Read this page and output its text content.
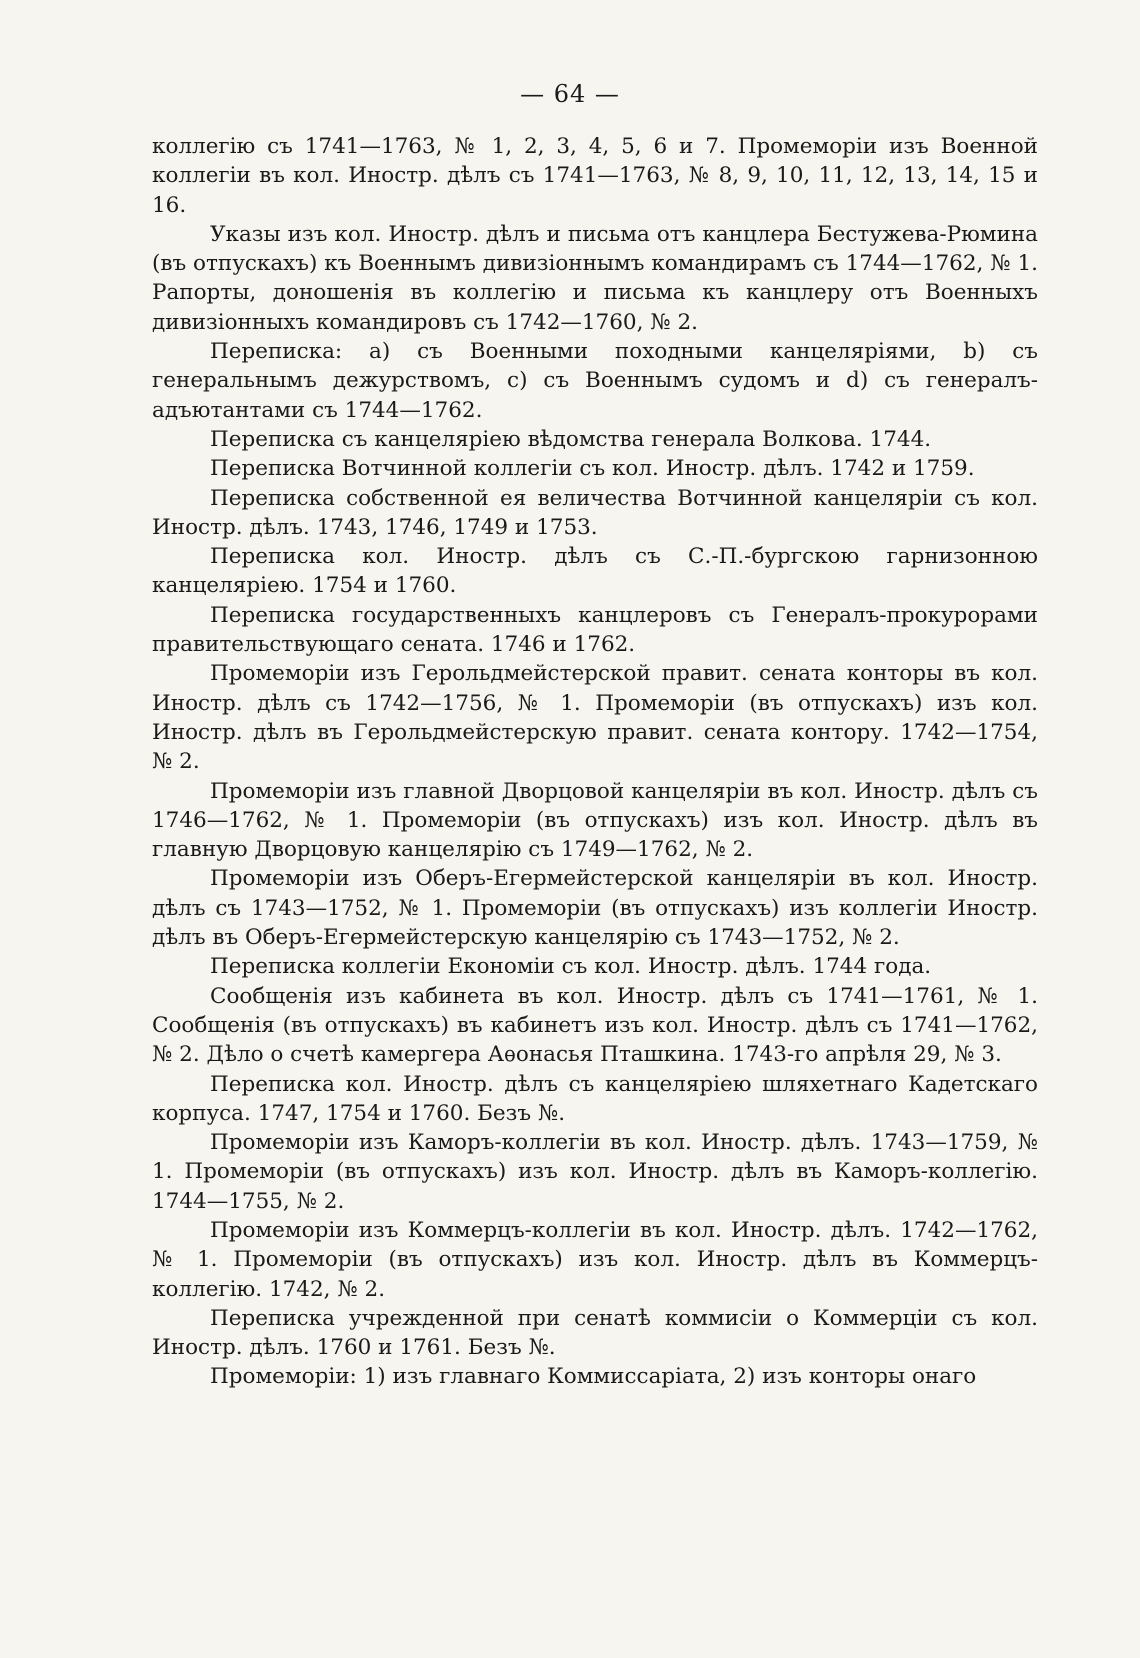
— 64 —

коллегію съ 1741—1763, № 1, 2, 3, 4, 5, 6 и 7. Промеморіи изъ Военной коллегіи въ кол. Иностр. дѣлъ съ 1741—1763, № 8, 9, 10, 11, 12, 13, 14, 15 и 16.

Указы изъ кол. Иностр. дѣлъ и письма отъ канцлера Бестужева-Рюмина (въ отпускахъ) къ Военнымъ дивизіоннымъ командирамъ съ 1744—1762, № 1. Рапорты, доношенія въ коллегію и письма къ канцлеру отъ Военныхъ дивизіонныхъ командировъ съ 1742—1760, № 2.

Переписка: а) съ Военными походными канцеляріями, b) съ генеральнымъ дежурствомъ, с) съ Военнымъ судомъ и d) съ генералъ-адъютантами съ 1744—1762.

Переписка съ канцеляріею вѣдомства генерала Волкова. 1744.

Переписка Вотчинной коллегіи съ кол. Иностр. дѣлъ. 1742 и 1759.

Переписка собственной ея величества Вотчинной канцеляріи съ кол. Иностр. дѣлъ. 1743, 1746, 1749 и 1753.

Переписка кол. Иностр. дѣлъ съ С.-П.-бургскою гарнизонною канцеляріею. 1754 и 1760.

Переписка государственныхъ канцлеровъ съ Генералъ-прокурорами правительствующаго сената. 1746 и 1762.

Промеморіи изъ Герольдмейстерской правит. сената конторы въ кол. Иностр. дѣлъ съ 1742—1756, № 1. Промеморіи (въ отпускахъ) изъ кол. Иностр. дѣлъ въ Герольдмейстерскую правит. сената контору. 1742—1754, № 2.

Промеморіи изъ главной Дворцовой канцеляріи въ кол. Иностр. дѣлъ съ 1746—1762, № 1. Промеморіи (въ отпускахъ) изъ кол. Иностр. дѣлъ въ главную Дворцовую канцелярію съ 1749—1762, № 2.

Промеморіи изъ Оберъ-Егермейстерской канцеляріи въ кол. Иностр. дѣлъ съ 1743—1752, № 1. Промеморіи (въ отпускахъ) изъ коллегіи Иностр. дѣлъ въ Оберъ-Егермейстерскую канцелярію съ 1743—1752, № 2.

Переписка коллегіи Економіи съ кол. Иностр. дѣлъ. 1744 года.

Сообщенія изъ кабинета въ кол. Иностр. дѣлъ съ 1741—1761, № 1. Сообщенія (въ отпускахъ) въ кабинетъ изъ кол. Иностр. дѣлъ съ 1741—1762, № 2. Дѣло о счетѣ камергера Аѳонасья Пташкина. 1743-го апрѣля 29, № 3.

Переписка кол. Иностр. дѣлъ съ канцеляріею шляхетнаго Кадетскаго корпуса. 1747, 1754 и 1760. Безъ №.

Промеморіи изъ Каморъ-коллегіи въ кол. Иностр. дѣлъ. 1743—1759, № 1. Промеморіи (въ отпускахъ) изъ кол. Иностр. дѣлъ въ Каморъ-коллегію. 1744—1755, № 2.

Промеморіи изъ Коммерцъ-коллегіи въ кол. Иностр. дѣлъ. 1742—1762, № 1. Промеморіи (въ отпускахъ) изъ кол. Иностр. дѣлъ въ Коммерцъ-коллегію. 1742, № 2.

Переписка учрежденной при сенатѣ коммисіи о Коммерціи съ кол. Иностр. дѣлъ. 1760 и 1761. Безъ №.

Промеморіи: 1) изъ главнаго Коммиссаріата, 2) изъ конторы онаго
